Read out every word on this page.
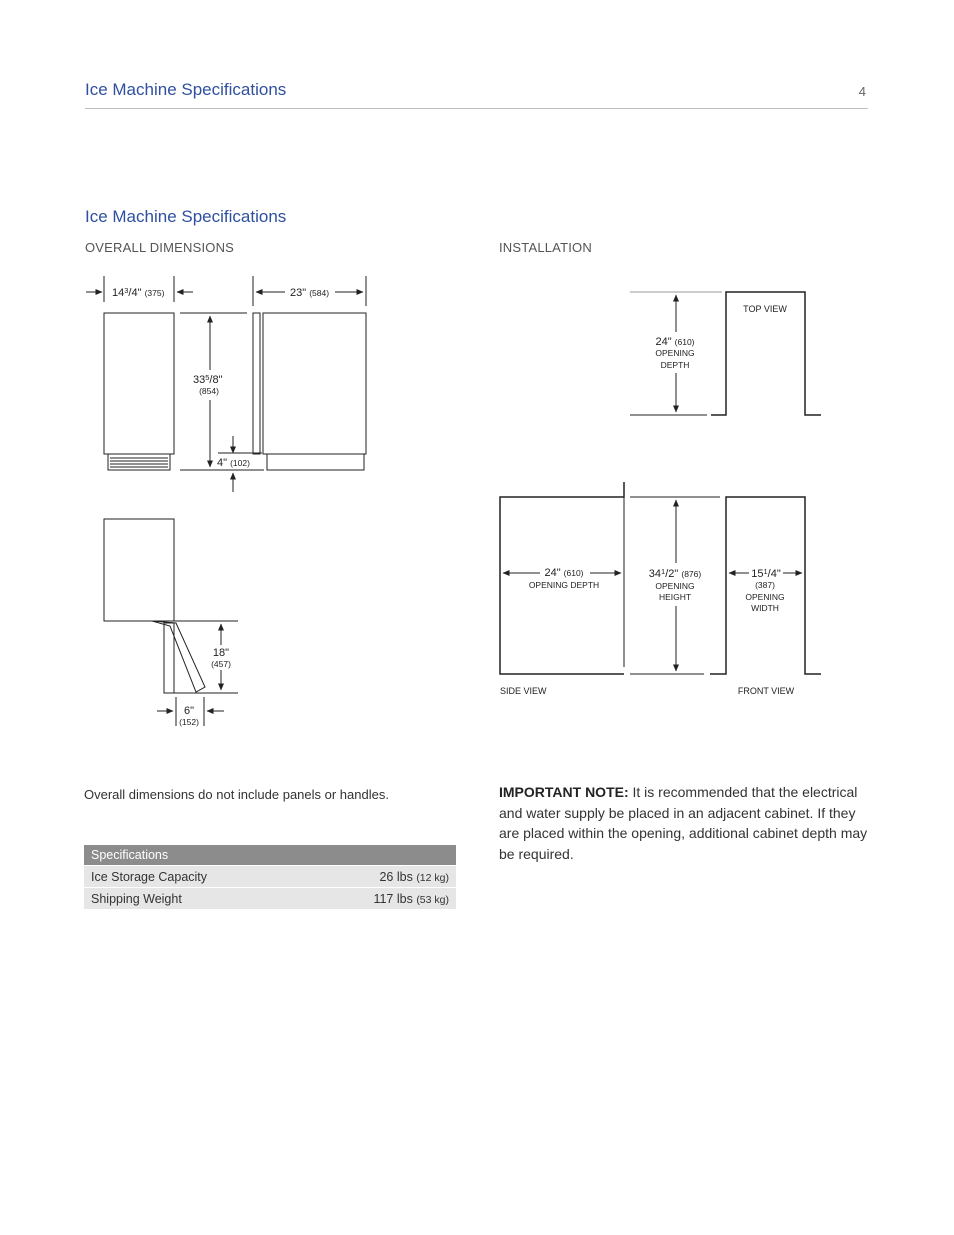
Ice Machine Specifications	4
Ice Machine Specifications
OVERALL DIMENSIONS	INSTALLATION
$14^3/4$" (375)	23" (584)
$33^5/8$"
(854)
4" (102)
18"
(457)
6"
(152)
TOP VIEW
24" (610)
OPENING
DEPTH
24" (610)
OPENING DEPTH
$34^1/2$" (876)
OPENING
HEIGHT
SIDE VIEW
$15^1/4$"
(387)
OPENING
WIDTH
FRONT VIEW
Overall dimensions do not include panels or handles.
Specifications	
Ice Storage Capacity	26 lbs (12 kg)
Shipping Weight	117 lbs (53 kg)
IMPORTANT NOTE: It is recommended that the electrical and water supply be placed in an adjacent cabinet. If they are placed within the opening, additional cabinet depth may be required.
